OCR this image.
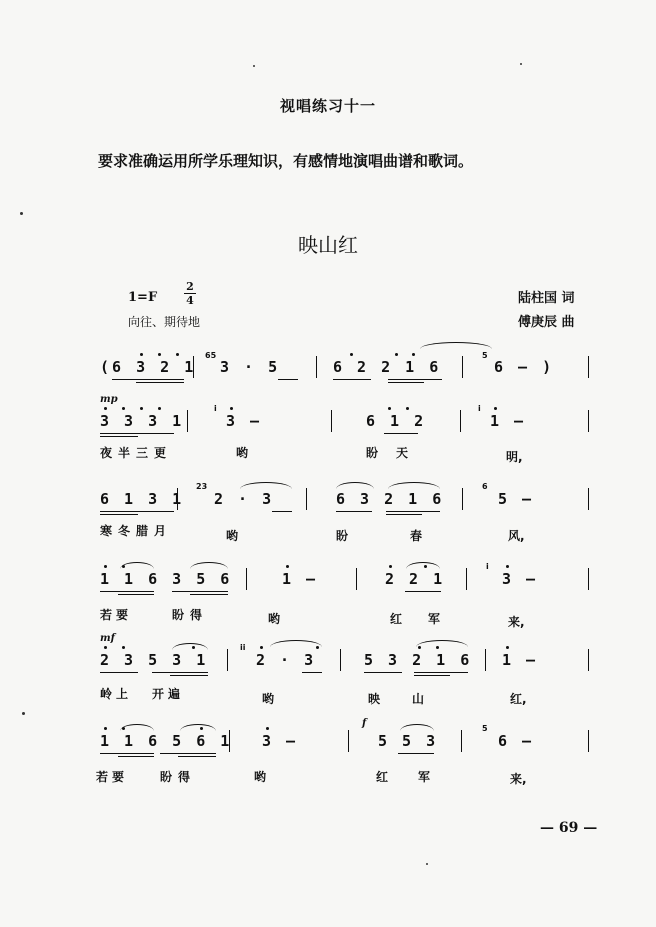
视唱练习十一
要求准确运用所学乐理知识，有感情地演唱曲谱和歌词。
映山红
1=F
2
4
向往、期待地
陆柱国 词
傅庚辰 曲
(6 3 2 1
65
3 · 5	6 2 2 1 6
5
6 — )
mp
3 3 3 1
i
3 —	6 1 2
i
1 —
夜半三更	哟	盼天	明,
6 1 3 1
23
2 · 3	6 3 2 1 6
6
5 —
寒冬腊月	哟	盼	春	风,
1 1 6 3 5 6	1 —	2 2 1
i
3 —
若要	盼得	哟	红 军	来,
mf
2 3 5 3 1
ii
2 · 3	5 3 2 1 6 1 —
岭上 开遍	哟	映	山	红,
f
1 1 6 5 6 1 3 —	5 5 3
5
6 —
若要	盼得	哟	红 军	来,
— 69 —
